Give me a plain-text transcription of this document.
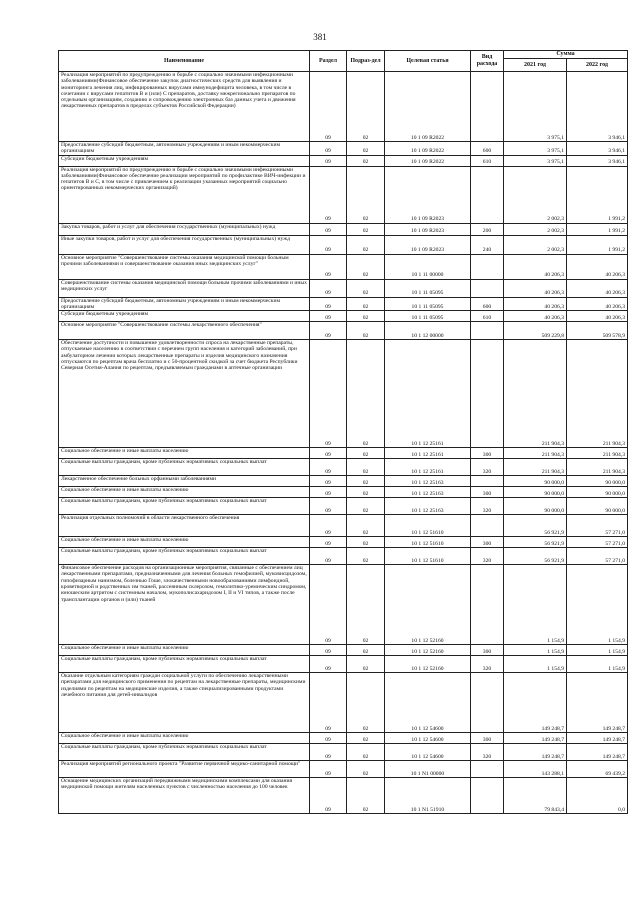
381
Наименование	Раздел	Подраз-дел	Целевая статья	Вид расхода	Сумма	
					2021 год	2022 год
Реализация мероприятий по предупреждению и борьбе с социально значимыми инфекционными заболеваниями(Финансовое обеспечение закупок диагностических средств для выявления и мониторинга лечения лиц, инфицированных вирусами иммунодефицита человека, в том числе в сочетании с вирусами гепатитов B и (или) C препаратов, доставку межрегионально препаратов по отдельным организациям, созданию и сопровождению электронных баз данных учета и движения лекарственных препаратов в пределах субъектов Российской Федерации)	09	02	10 1 09 R2022		3 975,1	3 946,1
Предоставление субсидий бюджетным, автономным учреждениям и иным некоммерческим организациям	09	02	10 1 09 R2022	600	3 975,1	3 946,1
Субсидии бюджетным учреждениям	09	02	10 1 09 R2022	610	3 975,1	3 946,1
Реализация мероприятий по предупреждению и борьбе с социально значимыми инфекционными заболеваниями(Финансовое обеспечение реализации мероприятий по профилактике ВИЧ-инфекции и гепатитов B и C, в том числе с привлечением к реализации указанных мероприятий социально ориентированных некоммерческих организаций)	09	02	10 1 09 R2023		2 002,3	1 991,2
Закупка товаров, работ и услуг для обеспечения государственных (муниципальных) нужд	09	02	10 1 09 R2023	200	2 002,3	1 991,2
Иные закупки товаров, работ и услуг для обеспечения государственных (муниципальных) нужд	09	02	10 1 09 R2023	240	2 002,3	1 991,2
Основное мероприятие "Совершенствование системы оказания медицинской помощи больным прочими заболеваниями и совершенствование оказания иных медицинских услуг"	09	02	10 1 11 00000		40 206,3	40 206,3
Совершенствование системы оказания медицинской помощи больным прочими заболеваниями и иных медицинских услуг	09	02	10 1 11 05095		40 206,3	40 206,3
Предоставление субсидий бюджетным, автономным учреждениям и иным некоммерческим организациям	09	02	10 1 11 05095	600	40 206,3	40 206,3
Субсидии бюджетным учреждениям	09	02	10 1 11 05095	610	40 206,3	40 206,3
Основное мероприятие "Совершенствование системы лекарственного обеспечения"	09	02	10 1 12 00000		509 229,8	509 578,9
Обеспечение доступности и повышение удовлетворенности спроса на лекарственные препараты, отпускаемые населению в соответствии с перечнем групп населения и категорий заболеваний, при амбулаторном лечении которых лекарственные препараты и изделия медицинского назначения отпускаются по рецептам врача бесплатно и с 50-процентной скидкой за счет бюджета Республики Северная Осетия-Алания по рецептам, предъявляемым гражданами в аптечные организации	09	02	10 1 12 25161		211 904,3	211 904,3
Социальное обеспечение и иные выплаты населению	09	02	10 1 12 25161	300	211 904,3	211 904,3
Социальные выплаты гражданам, кроме публичных нормативных социальных выплат	09	02	10 1 12 25161	320	211 904,3	211 904,3
Лекарственное обеспечение больных орфанными заболеваниями	09	02	10 1 12 25163		90 000,0	90 000,0
Социальное обеспечение и иные выплаты населению	09	02	10 1 12 25163	300	90 000,0	90 000,0
Социальные выплаты гражданам, кроме публичных нормативных социальных выплат	09	02	10 1 12 25163	320	90 000,0	90 000,0
Реализация отдельных полномочий в области лекарственного обеспечения	09	02	10 1 12 51610		56 921,9	57 271,0
Социальное обеспечение и иные выплаты населению	09	02	10 1 12 51610	300	56 921,9	57 271,0
Социальные выплаты гражданам, кроме публичных нормативных социальных выплат	09	02	10 1 12 51610	320	56 921,9	57 271,0
Финансовое обеспечение расходов на организационные мероприятия, связанные с обеспечением лиц лекарственными препаратами, предназначенными для лечения больных гемофилией, муковисцидозом, гипофизарным нанизмом, болезнью Гоше, злокачественными новообразованиями лимфоидной, кроветворной и родственных им тканей, рассеянным склерозом, гемолитико-уремическим синдромом, юношеским артритом с системным началом, мукополисахаридозом I, II и VI типов, а также после трансплантации органов и (или) тканей	09	02	10 1 12 52160		1 154,9	1 154,9
Социальное обеспечение и иные выплаты населению	09	02	10 1 12 52160	300	1 154,9	1 154,9
Социальные выплаты гражданам, кроме публичных нормативных социальных выплат	09	02	10 1 12 52160	320	1 154,9	1 154,9
Оказание отдельным категориям граждан социальной услуги по обеспечению лекарственными препаратами для медицинского применения по рецептам на лекарственные препараты, медицинскими изделиями по рецептам на медицинские изделия, а также специализированными продуктами лечебного питания для детей-инвалидов	09	02	10 1 12 54600		149 248,7	149 248,7
Социальное обеспечение и иные выплаты населению	09	02	10 1 12 54600	300	149 248,7	149 248,7
Социальные выплаты гражданам, кроме публичных нормативных социальных выплат	09	02	10 1 12 54600	320	149 248,7	149 248,7
Реализация мероприятий регионального проекта "Развитие первичной медико-санитарной помощи"	09	02	10 1 N1 00000		143 288,1	69 439,2
Оснащение медицинских организаций передвижными медицинскими комплексами для оказания медицинской помощи жителям населенных пунктов с численностью населения до 100 человек	09	02	10 1 N1 51910		79 843,4	0,0
